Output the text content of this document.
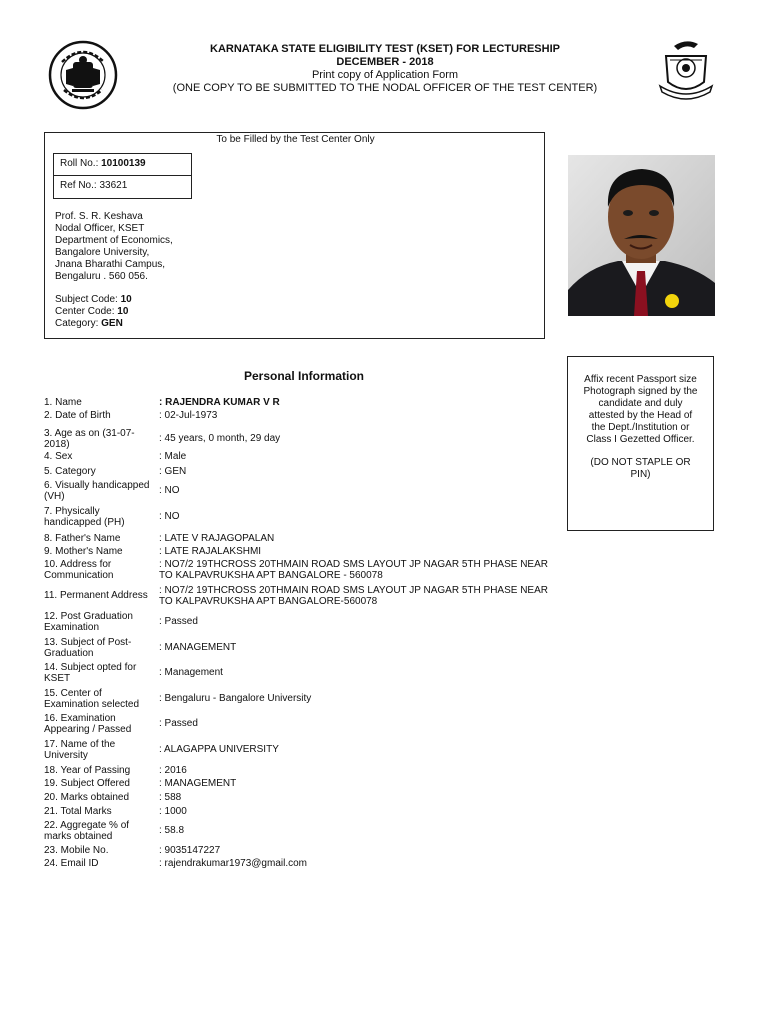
KARNATAKA STATE ELIGIBILITY TEST (KSET) FOR LECTURESHIP
DECEMBER - 2018
Print copy of Application Form
(ONE COPY TO BE SUBMITTED TO THE NODAL OFFICER OF THE TEST CENTER)
To be Filled by the Test Center Only
Roll No.: 10100139
Ref No.: 33621
Prof. S. R. Keshava
Nodal Officer, KSET
Department of Economics,
Bangalore University,
Jnana Bharathi Campus,
Bengaluru . 560 056.
Subject Code: 10
Center Code: 10
Category: GEN

Affix recent Passport size Photograph signed by the candidate and duly attested by the Head of the Dept./Institution or Class I Gezetted Officer.

(DO NOT STAPLE OR PIN)

Personal Information
1. Name	: RAJENDRA KUMAR V R
2. Date of Birth	: 02-Jul-1973
3. Age as on (31-07-2018)
: 45 years, 0 month, 29 day
4. Sex	: Male
5. Category	: GEN
6. Visually handicapped (VH)
: NO
7. Physically handicapped (PH)
: NO
8. Father's Name	: LATE V RAJAGOPALAN
9. Mother's Name	: LATE RAJALAKSHMI
10. Address for Communication
: NO7/2 19THCROSS 20THMAIN ROAD SMS LAYOUT JP NAGAR 5TH PHASE NEAR TO KALPAVRUKSHA APT BANGALORE - 560078
11. Permanent Address
: NO7/2 19THCROSS 20THMAIN ROAD SMS LAYOUT JP NAGAR 5TH PHASE NEAR TO KALPAVRUKSHA APT BANGALORE-560078
12. Post Graduation Examination
: Passed
13. Subject of Post-Graduation
: MANAGEMENT
14. Subject opted for KSET
: Management
15. Center of Examination selected
: Bengaluru - Bangalore University
16. Examination Appearing / Passed
: Passed
17. Name of the University
: ALAGAPPA UNIVERSITY
18. Year of Passing	: 2016
19. Subject Offered	: MANAGEMENT
20. Marks obtained	: 588
21. Total Marks	: 1000
22. Aggregate % of marks obtained
: 58.8
23. Mobile No.	: 9035147227
24. Email ID	: rajendrakumar1973@gmail.com
